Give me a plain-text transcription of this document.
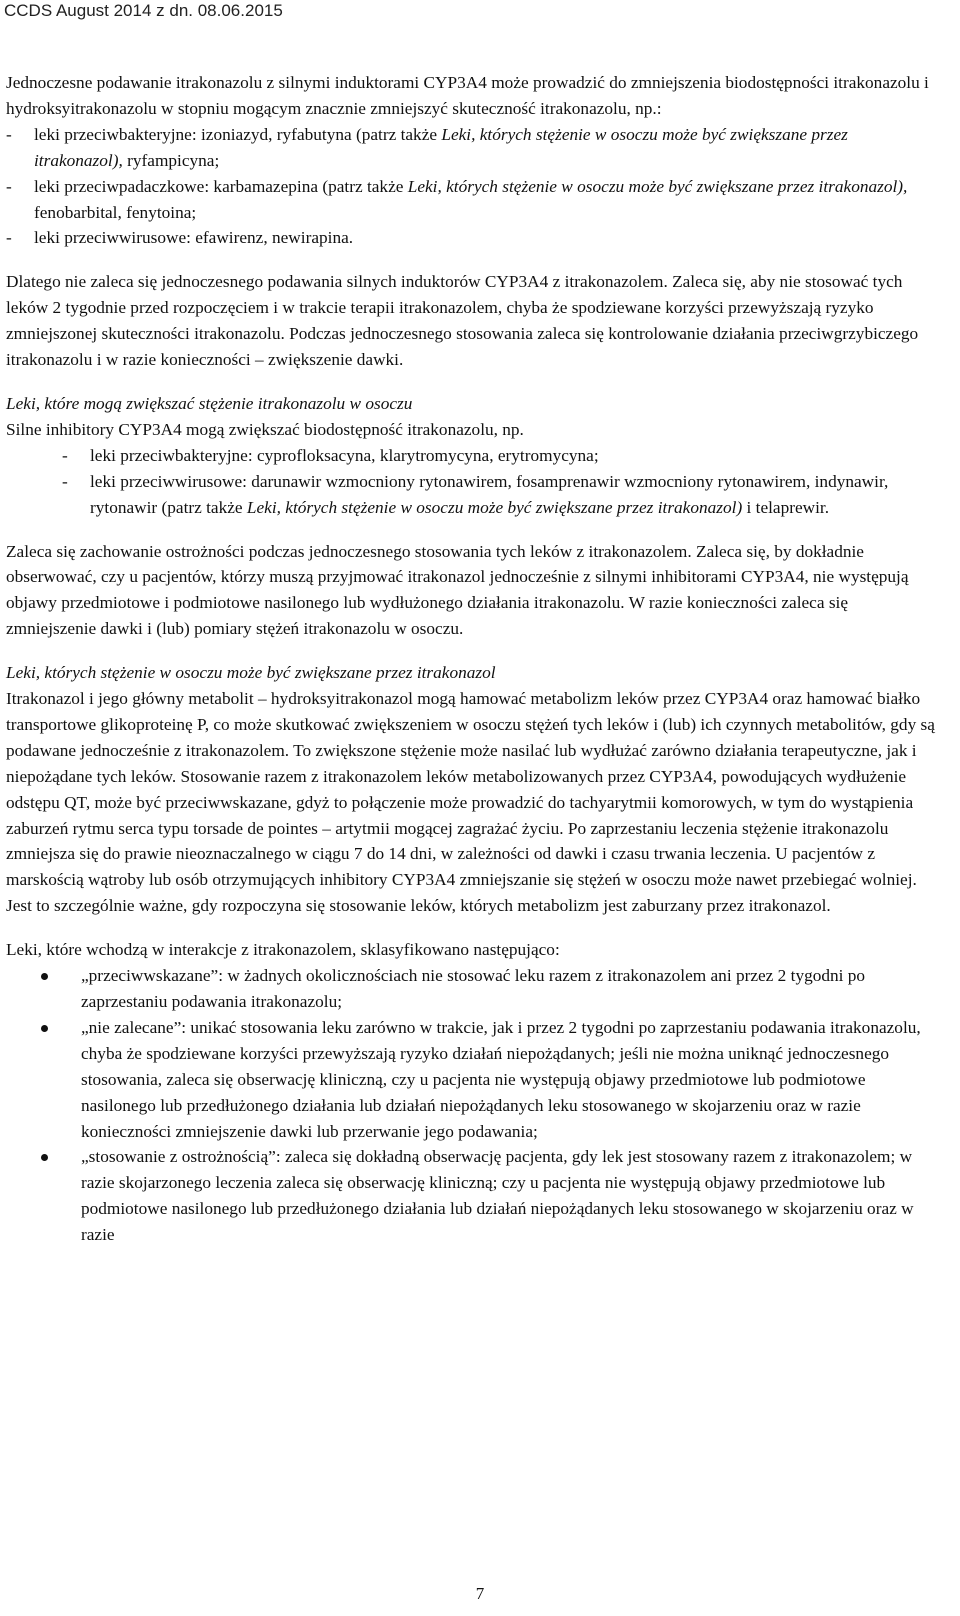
CCDS August 2014 z dn. 08.06.2015

Jednoczesne podawanie itrakonazolu z silnymi induktorami CYP3A4 może prowadzić do zmniejszenia biodostępności itrakonazolu i hydroksyitrakonazolu w stopniu mogącym znacznie zmniejszyć skuteczność itrakonazolu, np.:

-	leki przeciwbakteryjne: izoniazyd, ryfabutyna (patrz także Leki, których stężenie w osoczu może być zwiększane przez itrakonazol), ryfampicyna;
-	leki przeciwpadaczkowe: karbamazepina (patrz także Leki, których stężenie w osoczu może być zwiększane przez itrakonazol), fenobarbital, fenytoina;
-	leki przeciwwirusowe: efawirenz, newirapina.

Dlatego nie zaleca się jednoczesnego podawania silnych induktorów CYP3A4 z itrakonazolem. Zaleca się, aby nie stosować tych leków 2 tygodnie przed rozpoczęciem i w trakcie terapii itrakonazolem, chyba że spodziewane korzyści przewyższają ryzyko zmniejszonej skuteczności itrakonazolu. Podczas jednoczesnego stosowania zaleca się kontrolowanie działania przeciwgrzybiczego itrakonazolu i w razie konieczności – zwiększenie dawki.

Leki, które mogą zwiększać stężenie itrakonazolu w osoczu

Silne inhibitory CYP3A4 mogą zwiększać biodostępność itrakonazolu, np.

-	leki przeciwbakteryjne: cyproflоksacyna, klarytromycyna, erytromycyna;
-	leki przeciwwirusowe: darunawir wzmocniony rytonawirem, fosamprenawir wzmocniony rytonawirem, indynawir, rytonawir (patrz także Leki, których stężenie w osoczu może być zwiększane przez itrakonazol) i telaprewir.

Zaleca się zachowanie ostrożności podczas jednoczesnego stosowania tych leków z itrakonazolem. Zaleca się, by dokładnie obserwować, czy u pacjentów, którzy muszą przyjmować itrakonazol jednocześnie z silnymi inhibitorami CYP3A4, nie występują objawy przedmiotowe i podmiotowe nasilonego lub wydłużonego działania itrakonazolu. W razie konieczności zaleca się zmniejszenie dawki i (lub) pomiary stężeń itrakonazolu w osoczu.

Leki, których stężenie w osoczu może być zwiększane przez itrakonazol

Itrakonazol i jego główny metabolit – hydroksyitrakonazol mogą hamować metabolizm leków przez CYP3A4 oraz hamować białko transportowe glikoproteinę P, co może skutkować zwiększeniem w osoczu stężeń tych leków i (lub) ich czynnych metabolitów, gdy są podawane jednocześnie z itrakonazolem. To zwiększone stężenie może nasilać lub wydłużać zarówno działania terapeutyczne, jak i niepożądane tych leków. Stosowanie razem z itrakonazolem leków metabolizowanych przez CYP3A4, powodujących wydłużenie odstępu QT, może być przeciwwskazane, gdyż to połączenie może prowadzić do tachyarytmii komorowych, w tym do wystąpienia zaburzeń rytmu serca typu torsade de pointes – artytmii mogącej zagrażać życiu. Po zaprzestaniu leczenia stężenie itrakonazolu zmniejsza się do prawie nieoznaczalnego w ciągu 7 do 14 dni, w zależności od dawki i czasu trwania leczenia. U pacjentów z marskością wątroby lub osób otrzymujących inhibitory CYP3A4 zmniejszanie się stężeń w osoczu może nawet przebiegać wolniej. Jest to szczególnie ważne, gdy rozpoczyna się stosowanie leków, których metabolizm jest zaburzany przez itrakonazol.

Leki, które wchodzą w interakcje z itrakonazolem, sklasyfikowano następująco:

„przeciwwskazane”: w żadnych okolicznościach nie stosować leku razem z itrakonazolem ani przez 2 tygodni po zaprzestaniu podawania itrakonazolu;
„nie zalecane”: unikać stosowania leku zarówno w trakcie, jak i przez 2 tygodni po zaprzestaniu podawania itrakonazolu, chyba że spodziewane korzyści przewyższają ryzyko działań niepożądanych; jeśli nie można uniknąć jednoczesnego stosowania, zaleca się obserwację kliniczną, czy u pacjenta nie występują objawy przedmiotowe lub podmiotowe nasilonego lub przedłużonego działania lub działań niepożądanych leku stosowanego w skojarzeniu oraz w razie konieczności zmniejszenie dawki lub przerwanie jego podawania;
„stosowanie z ostrożnością”: zaleca się dokładną obserwację pacjenta, gdy lek jest stosowany razem z itrakonazolem; w razie skojarzonego leczenia zaleca się obserwację kliniczną; czy u pacjenta nie występują objawy przedmiotowe lub podmiotowe nasilonego lub przedłużonego działania lub działań niepożądanych leku stosowanego w skojarzeniu oraz w razie
7
